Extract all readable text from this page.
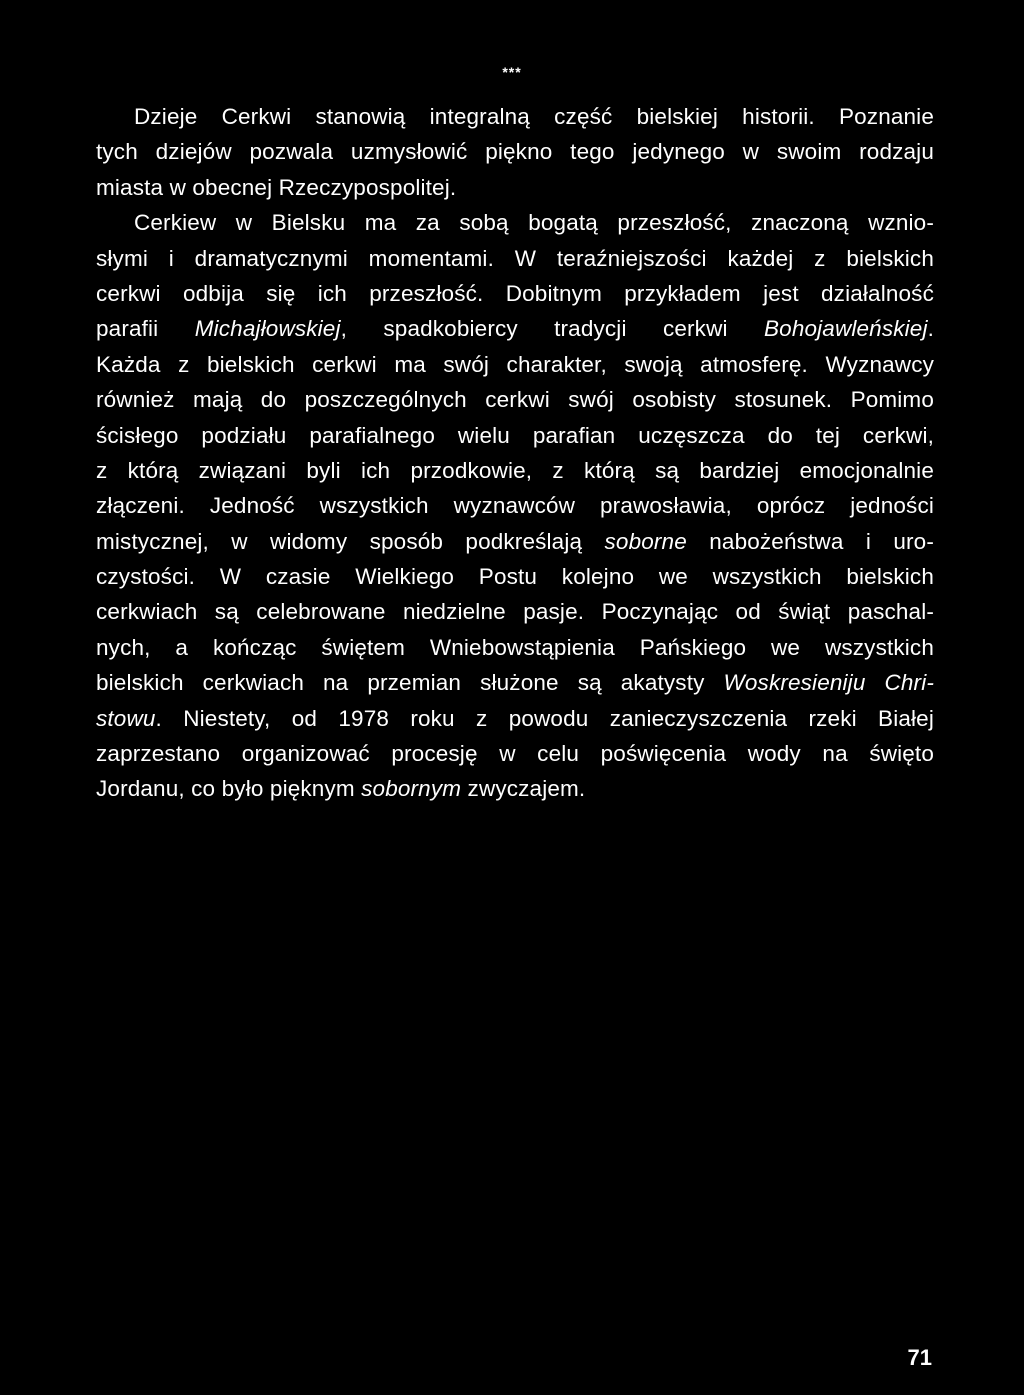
***
Dzieje Cerkwi stanowią integralną część bielskiej historii. Poznanie
tych dziejów pozwala uzmysłowić piękno tego jedynego w swoim rodzaju
miasta w obecnej Rzeczypospolitej.
Cerkiew w Bielsku ma za sobą bogatą przeszłość, znaczoną wznio-
słymi i dramatycznymi momentami. W teraźniejszości każdej z bielskich
cerkwi odbija się ich przeszłość. Dobitnym przykładem jest działalność
parafii Michajłowskiej, spadkobiercy tradycji cerkwi Bohojawleńskiej.
Każda z bielskich cerkwi ma swój charakter, swoją atmosferę. Wyznawcy
również mają do poszczególnych cerkwi swój osobisty stosunek. Pomimo
ścisłego podziału parafialnego wielu parafian uczęszcza do tej cerkwi,
z którą związani byli ich przodkowie, z którą są bardziej emocjonalnie
złączeni. Jedność wszystkich wyznawców prawosławia, oprócz jedności
mistycznej, w widomy sposób podkreślają soborne nabożeństwa i uro-
czystości. W czasie Wielkiego Postu kolejno we wszystkich bielskich
cerkwiach są celebrowane niedzielne pasje. Poczynając od świąt paschal-
nych, a kończąc świętem Wniebowstąpienia Pańskiego we wszystkich
bielskich cerkwiach na przemian służone są akatysty Woskresieniju Chri-
stowu. Niestety, od 1978 roku z powodu zanieczyszczenia rzeki Białej
zaprzestano organizować procesję w celu poświęcenia wody na święto
Jordanu, co było pięknym sobornym zwyczajem.
71
